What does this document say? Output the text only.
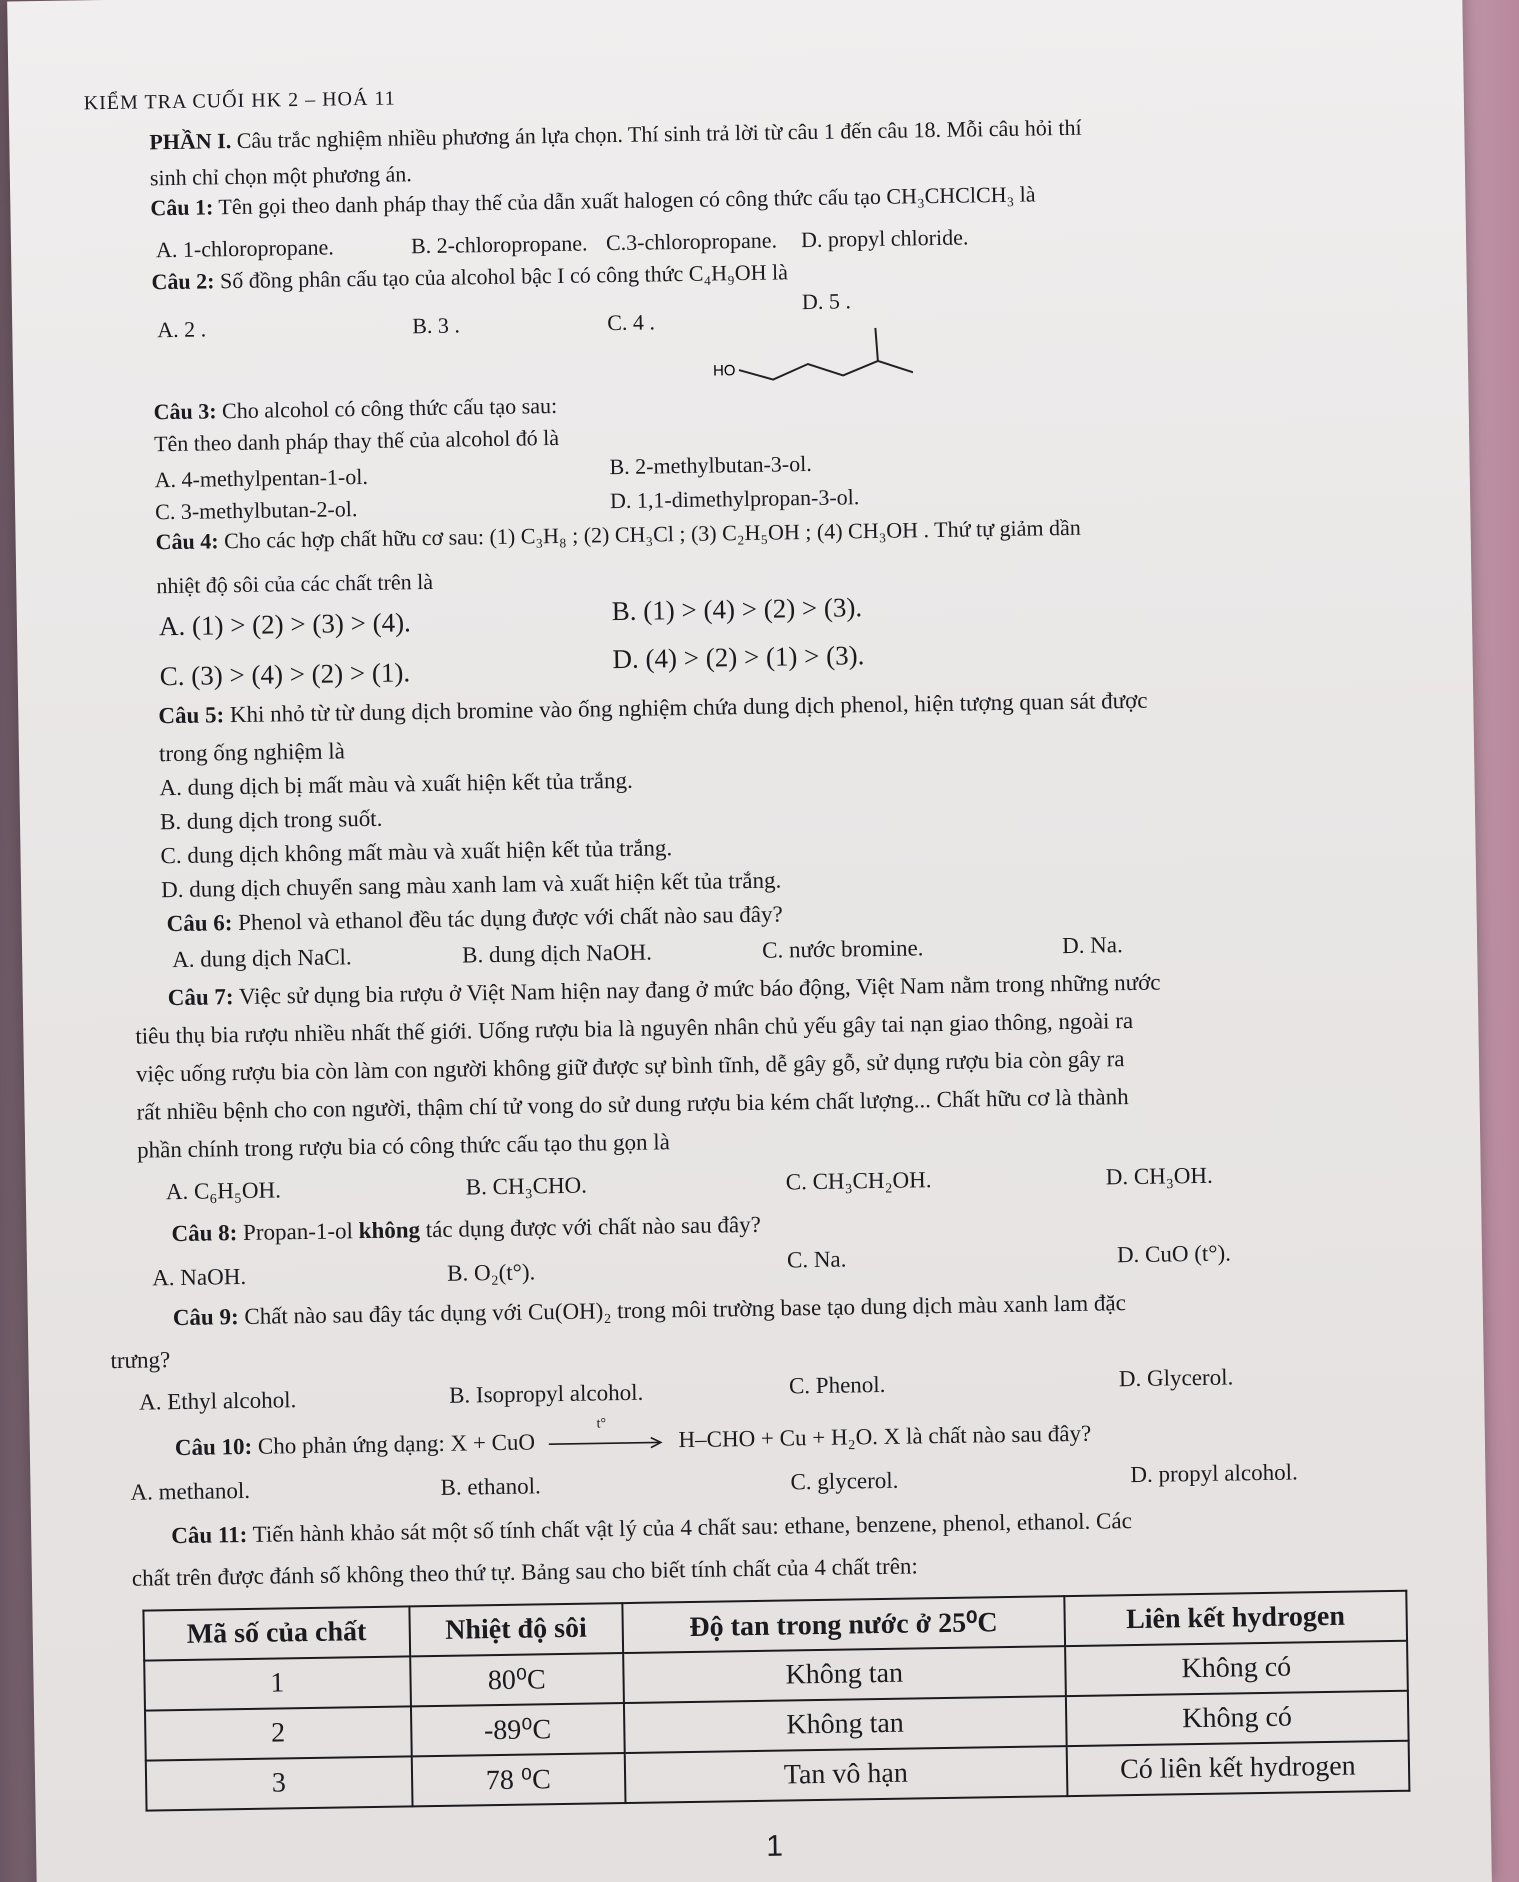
KIỂM TRA CUỐI HK 2 – HOÁ 11
PHẦN I. Câu trắc nghiệm nhiều phương án lựa chọn. Thí sinh trả lời từ câu 1 đến câu 18. Mỗi câu hỏi thí
sinh chỉ chọn một phương án.
Câu 1: Tên gọi theo danh pháp thay thế của dẫn xuất halogen có công thức cấu tạo CH₃CHClCH₃ là
A. 1-chloropropane.	B. 2-chloropropane. C.3-chloropropane. D. propyl chloride.
Câu 2: Số đồng phân cấu tạo của alcohol bậc I có công thức C₄H₉OH là
A. 2 .	B. 3 .	C. 4 .
D. 5 .
HO
Câu 3: Cho alcohol có công thức cấu tạo sau:
Tên theo danh pháp thay thế của alcohol đó là
A. 4-methylpentan-1-ol.	B. 2-methylbutan-3-ol.
C. 3-methylbutan-2-ol.	D. 1,1-dimethylpropan-3-ol.
Câu 4: Cho các hợp chất hữu cơ sau: (1) C₃H₈ ; (2) CH₃Cl ; (3) C₂H₅OH ; (4) CH₃OH . Thứ tự giảm dần
nhiệt độ sôi của các chất trên là
A. (1) > (2) > (3) > (4).	B. (1) > (4) > (2) > (3).
C. (3) > (4) > (2) > (1).
D. (4) > (2) > (1) > (3).
Câu 5: Khi nhỏ từ từ dung dịch bromine vào ống nghiệm chứa dung dịch phenol, hiện tượng quan sát được
trong ống nghiệm là
A. dung dịch bị mất màu và xuất hiện kết tủa trắng.
B. dung dịch trong suốt.
C. dung dịch không mất màu và xuất hiện kết tủa trắng.
D. dung dịch chuyển sang màu xanh lam và xuất hiện kết tủa trắng.
Câu 6: Phenol và ethanol đều tác dụng được với chất nào sau đây?
A. dung dịch NaCl.	B. dung dịch NaOH.	C. nước bromine.	D. Na.
Câu 7: Việc sử dụng bia rượu ở Việt Nam hiện nay đang ở mức báo động, Việt Nam nằm trong những nước
tiêu thụ bia rượu nhiều nhất thế giới. Uống rượu bia là nguyên nhân chủ yếu gây tai nạn giao thông, ngoài ra
việc uống rượu bia còn làm con người không giữ được sự bình tĩnh, dễ gây gỗ, sử dụng rượu bia còn gây ra
rất nhiều bệnh cho con người, thậm chí tử vong do sử dung rượu bia kém chất lượng... Chất hữu cơ là thành
phần chính trong rượu bia có công thức cấu tạo thu gọn là
A. C₆H₅OH.	B. CH₃CHO.	C. CH₃CH₂OH.	D. CH₃OH.
Câu 8: Propan-1-ol không tác dụng được với chất nào sau đây?
A. NaOH.	B. O₂(t°).	C. Na.	D. CuO (t°).
Câu 9: Chất nào sau đây tác dụng với Cu(OH)₂ trong môi trường base tạo dung dịch màu xanh lam đặc
trưng?
A. Ethyl alcohol.	B. Isopropyl alcohol.	C. Phenol.	D. Glycerol.
Câu 10: Cho phản ứng dạng: X + CuO
t°	H–CHO + Cu + H₂O. X là chất nào sau đây?
A. methanol.	B. ethanol.	C. glycerol.	D. propyl alcohol.
Câu 11: Tiến hành khảo sát một số tính chất vật lý của 4 chất sau: ethane, benzene, phenol, ethanol. Các
chất trên được đánh số không theo thứ tự. Bảng sau cho biết tính chất của 4 chất trên:
Mã số của chất	Nhiệt độ sôi	Độ tan trong nước ở 25⁰C	Liên kết hydrogen
1	80⁰C	Không tan	Không có
2	-89⁰C	Không tan	Không có
3	78 ⁰C	Tan vô hạn	Có liên kết hydrogen
1
